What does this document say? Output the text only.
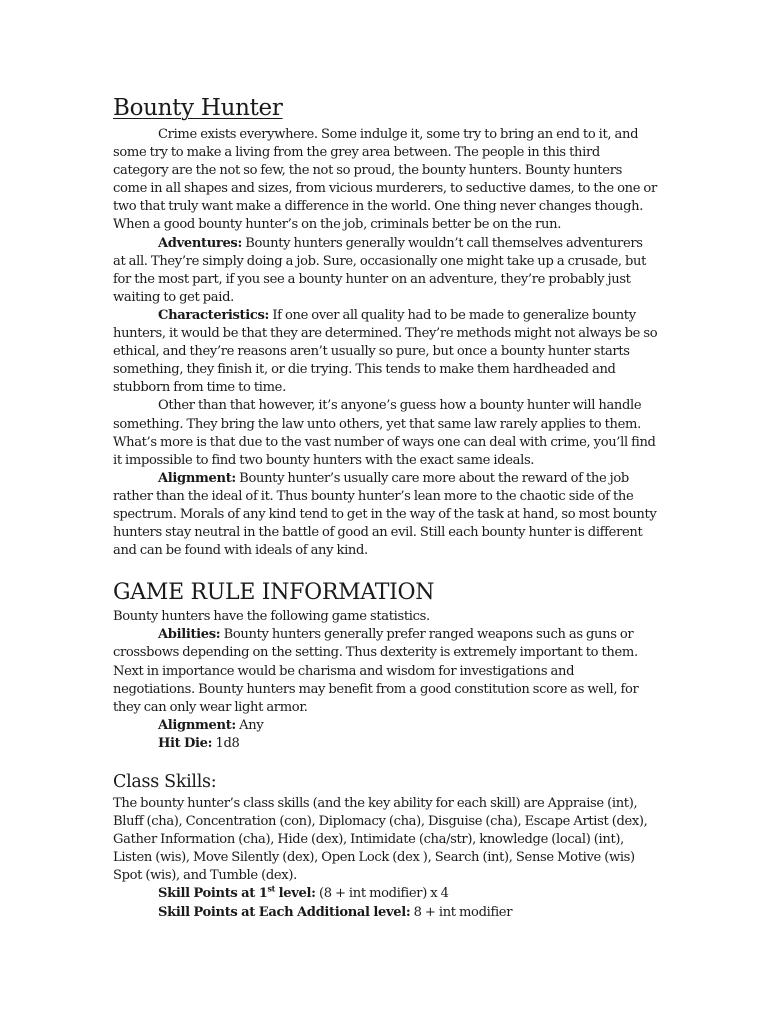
Bounty Hunter

Crime exists everywhere. Some indulge it, some try to bring an end to it, and some try to make a living from the grey area between. The people in this third category are the not so few, the not so proud, the bounty hunters. Bounty hunters come in all shapes and sizes, from vicious murderers, to seductive dames, to the one or two that truly want make a difference in the world. One thing never changes though. When a good bounty hunter’s on the job, criminals better be on the run.

Adventures: Bounty hunters generally wouldn’t call themselves adventurers at all. They’re simply doing a job. Sure, occasionally one might take up a crusade, but for the most part, if you see a bounty hunter on an adventure, they’re probably just waiting to get paid.

Characteristics: If one over all quality had to be made to generalize bounty hunters, it would be that they are determined. They’re methods might not always be so ethical, and they’re reasons aren’t usually so pure, but once a bounty hunter starts something, they finish it, or die trying. This tends to make them hardheaded and stubborn from time to time.

Other than that however, it’s anyone’s guess how a bounty hunter will handle something. They bring the law unto others, yet that same law rarely applies to them. What’s more is that due to the vast number of ways one can deal with crime, you’ll find it impossible to find two bounty hunters with the exact same ideals.

Alignment: Bounty hunter’s usually care more about the reward of the job rather than the ideal of it. Thus bounty hunter’s lean more to the chaotic side of the spectrum. Morals of any kind tend to get in the way of the task at hand, so most bounty hunters stay neutral in the battle of good an evil. Still each bounty hunter is different and can be found with ideals of any kind.

GAME RULE INFORMATION

Bounty hunters have the following game statistics.

Abilities: Bounty hunters generally prefer ranged weapons such as guns or crossbows depending on the setting. Thus dexterity is extremely important to them. Next in importance would be charisma and wisdom for investigations and negotiations. Bounty hunters may benefit from a good constitution score as well, for they can only wear light armor.

Alignment: Any

Hit Die: 1d8

Class Skills:

The bounty hunter’s class skills (and the key ability for each skill) are Appraise (int), Bluff (cha), Concentration (con), Diplomacy (cha), Disguise (cha), Escape Artist (dex), Gather Information (cha), Hide (dex), Intimidate (cha/str), knowledge (local) (int), Listen (wis), Move Silently (dex), Open Lock (dex ), Search (int), Sense Motive (wis) Spot (wis), and Tumble (dex).

Skill Points at 1st level: (8 + int modifier) x 4

Skill Points at Each Additional level: 8 + int modifier
